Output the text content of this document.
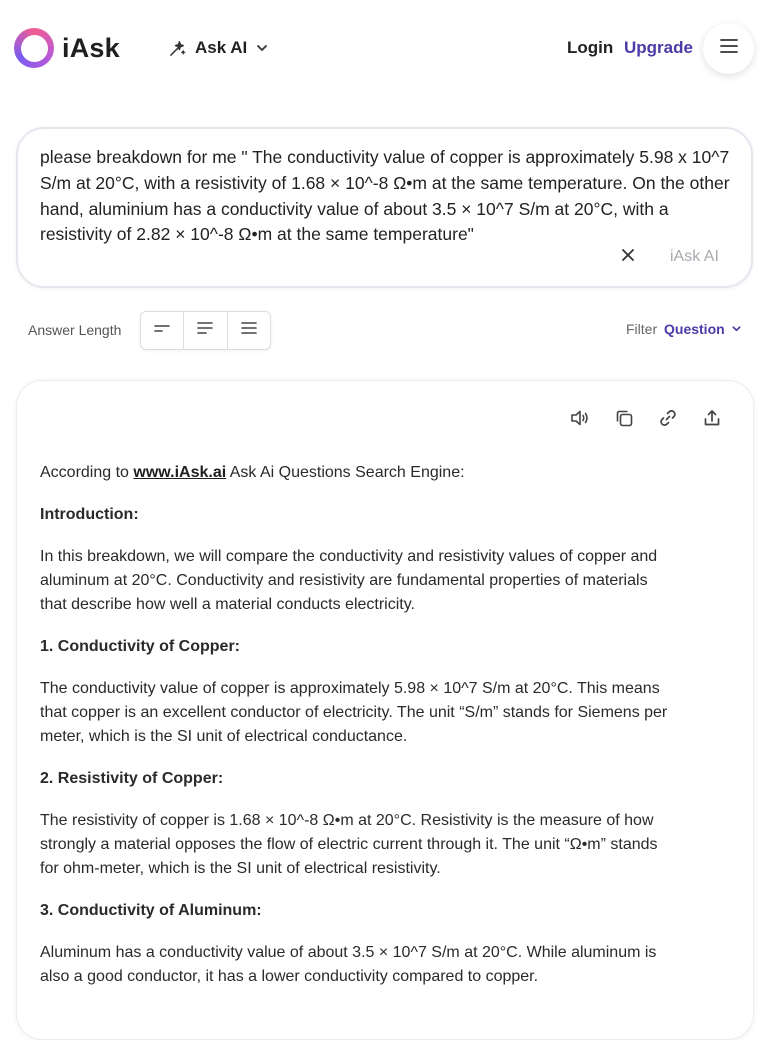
iAsk	Ask AI	Login Upgrade
please breakdown for me " The conductivity value of copper is approximately 5.98 x 10^7 S/m at 20°C, with a resistivity of 1.68 × 10^-8 Ω•m at the same temperature. On the other hand, aluminium has a conductivity value of about 3.5 × 10^7 S/m at 20°C, with a resistivity of 2.82 × 10^-8 Ω•m at the same temperature"
iAsk AI
Answer Length	Filter Question

According to www.iAsk.ai Ask Ai Questions Search Engine:

Introduction:

In this breakdown, we will compare the conductivity and resistivity values of copper and aluminum at 20°C. Conductivity and resistivity are fundamental properties of materials that describe how well a material conducts electricity.

1. Conductivity of Copper:

The conductivity value of copper is approximately 5.98 × 10^7 S/m at 20°C. This means that copper is an excellent conductor of electricity. The unit “S/m” stands for Siemens per meter, which is the SI unit of electrical conductance.

2. Resistivity of Copper:

The resistivity of copper is 1.68 × 10^-8 Ω•m at 20°C. Resistivity is the measure of how strongly a material opposes the flow of electric current through it. The unit “Ω•m” stands for ohm-meter, which is the SI unit of electrical resistivity.

3. Conductivity of Aluminum:

Aluminum has a conductivity value of about 3.5 × 10^7 S/m at 20°C. While aluminum is also a good conductor, it has a lower conductivity compared to copper.
